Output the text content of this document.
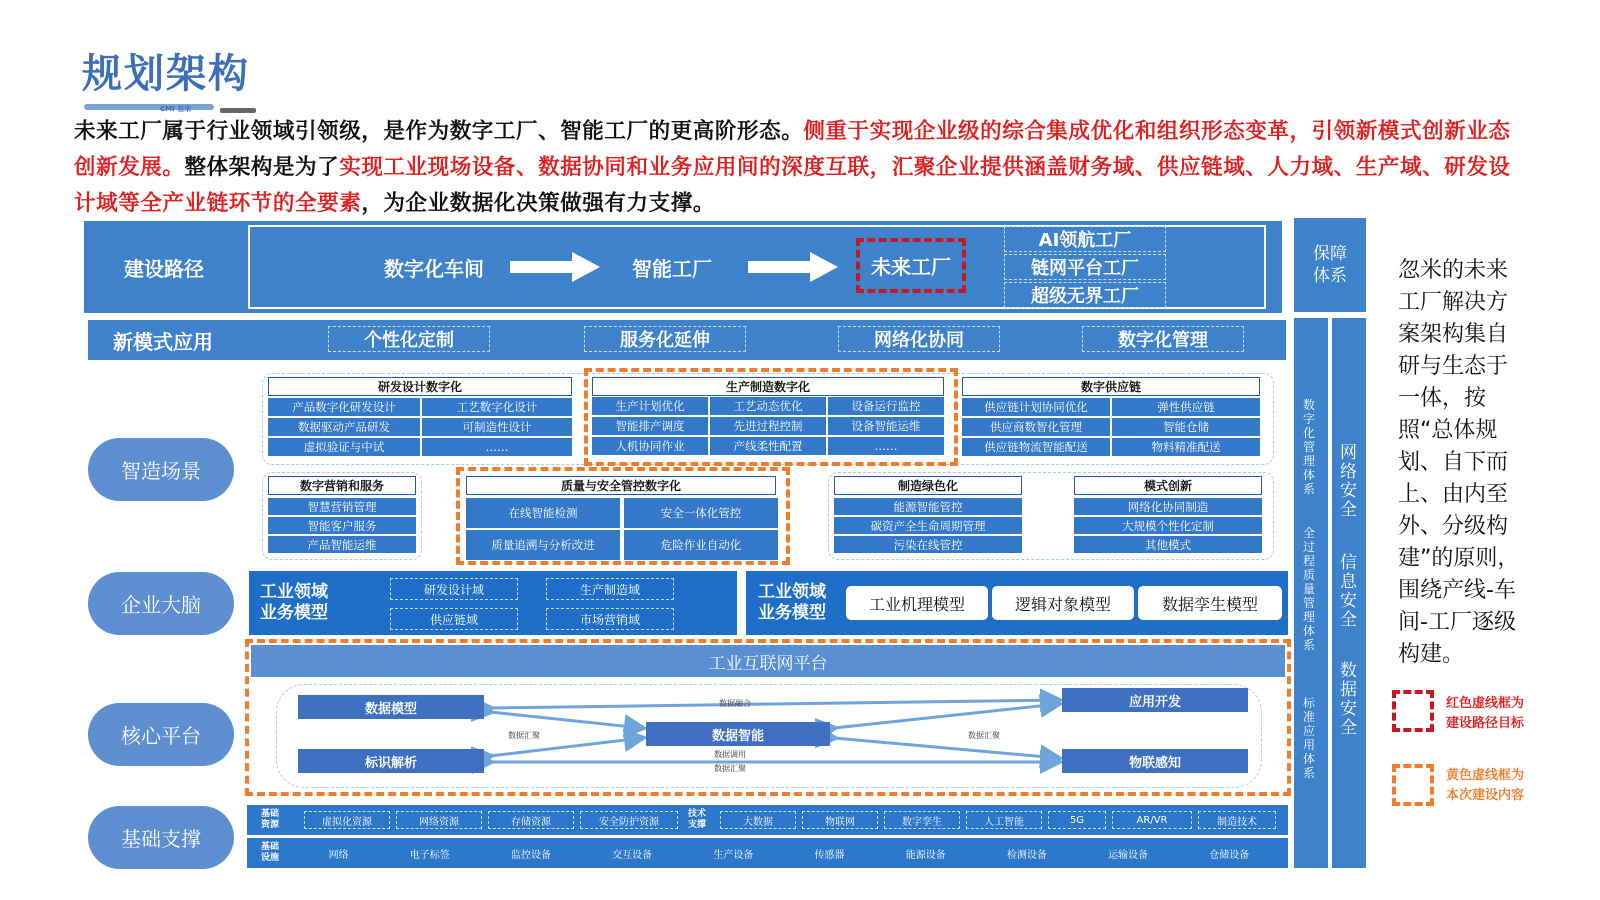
规划架构
CMI 忽米
未来工厂属于行业领域引领级，是作为数字工厂、智能工厂的更高阶形态。侧重于实现企业级的综合集成优化和组织形态变革，引领新模式创新业态创新发展。整体架构是为了实现工业现场设备、数据协同和业务应用间的深度互联，汇聚企业提供涵盖财务域、供应链域、人力域、生产域、研发设计域等全产业链环节的全要素，为企业数据化决策做强有力支撑。
建设路径	数字化车间	智能工厂	未来工厂
AI领航工厂
链网平台工厂
超级无界工厂
新模式应用	个性化定制	服务化延伸	网络化协同	数字化管理
智造场景
企业大脑
核心平台
基础支撑
研发设计数字化
产品数字化研发设计	工艺数字化设计
数据驱动产品研发	可制造性设计
虚拟验证与中试	……
生产制造数字化
生产计划优化	工艺动态优化	设备运行监控
智能排产调度	先进过程控制	设备智能运维
人机协同作业	产线柔性配置	……
数字供应链
供应链计划协同优化	弹性供应链
供应商数智化管理	智能仓储
供应链物流智能配送	物料精准配送
数字营销和服务
智慧营销管理
智能客户服务
产品智能运维
质量与安全管控数字化
在线智能检测	安全一体化管控
质量追溯与分析改进	危险作业自动化
制造绿色化
能源智能管控
碳资产全生命周期管理
污染在线管控
模式创新
网络化协同制造
大规模个性化定制
其他模式
工业领域
业务模型
研发设计域	生产制造域
供应链域	市场营销域
工业领域
业务模型	工业机理模型	逻辑对象模型	数据孪生模型
工业互联网平台
数据模型	应用开发
数据智能
标识解析	物联感知
数据融合
数据汇聚	数据汇聚
数据调用
数据汇聚
基础
资源	虚拟化资源	网络资源	存储资源	安全防护资源
技术
支撑	大数据	物联网	数字孪生	人工智能	5G	AR/VR	制造技术
基础
设施	网络	电子标签	监控设备	交互设备	生产设备	传感器	能源设备	检测设备	运输设备	仓储设备
保障
体系
数字化管理体系
全过程质量管理体系
标准应用体系
网络安全
信息安全
数据安全
忽米的未来工厂解决方案架构集自研与生态于一体，按照“总体规划、自下而上、由内至外、分级构建”的原则，围绕产线-车间-工厂逐级构建。
红色虚线框为
建设路径目标
黄色虚线框为
本次建设内容
